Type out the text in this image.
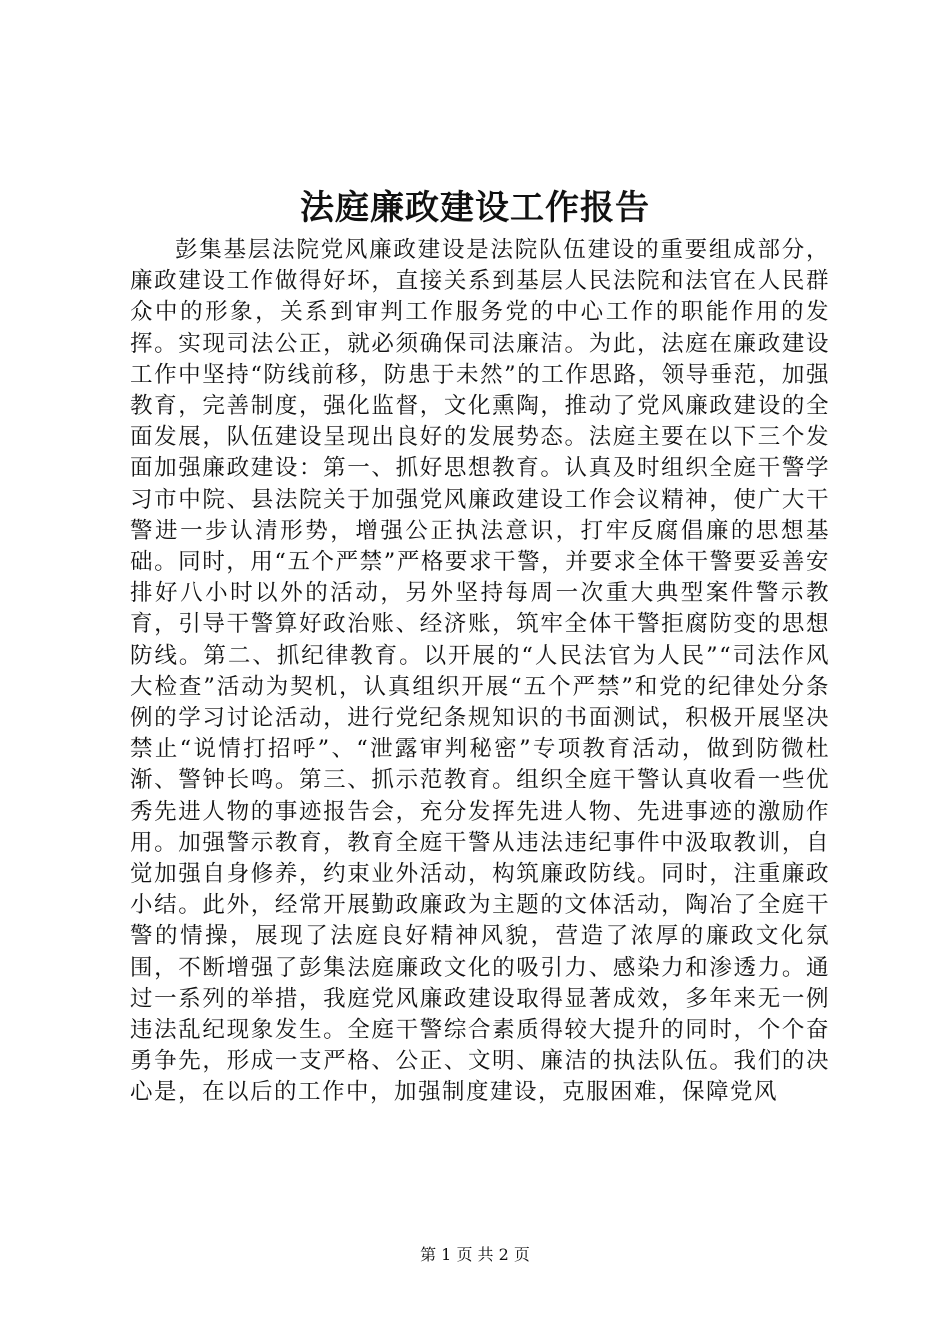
法庭廉政建设工作报告

彭集基层法院党风廉政建设是法院队伍建设的重要组成部分，廉政建设工作做得好坏，直接关系到基层人民法院和法官在人民群众中的形象，关系到审判工作服务党的中心工作的职能作用的发挥。实现司法公正，就必须确保司法廉洁。为此，法庭在廉政建设工作中坚持“防线前移，防患于未然”的工作思路，领导垂范，加强教育，完善制度，强化监督，文化熏陶，推动了党风廉政建设的全面发展，队伍建设呈现出良好的发展势态。法庭主要在以下三个发面加强廉政建设：第一、抓好思想教育。认真及时组织全庭干警学习市中院、县法院关于加强党风廉政建设工作会议精神，使广大干警进一步认清形势，增强公正执法意识，打牢反腐倡廉的思想基础。同时，用“五个严禁”严格要求干警，并要求全体干警要妥善安排好八小时以外的活动，另外坚持每周一次重大典型案件警示教育，引导干警算好政治账、经济账，筑牢全体干警拒腐防变的思想防线。第二、抓纪律教育。以开展的“人民法官为人民”“司法作风大检查”活动为契机，认真组织开展“五个严禁”和党的纪律处分条例的学习讨论活动，进行党纪条规知识的书面测试，积极开展坚决禁止“说情打招呼”、“泄露审判秘密”专项教育活动，做到防微杜渐、警钟长鸣。第三、抓示范教育。组织全庭干警认真收看一些优秀先进人物的事迹报告会，充分发挥先进人物、先进事迹的激励作用。加强警示教育，教育全庭干警从违法违纪事件中汲取教训，自觉加强自身修养，约束业外活动，构筑廉政防线。同时，注重廉政小结。此外，经常开展勤政廉政为主题的文体活动，陶冶了全庭干警的情操，展现了法庭良好精神风貌，营造了浓厚的廉政文化氛围，不断增强了彭集法庭廉政文化的吸引力、感染力和渗透力。通过一系列的举措，我庭党风廉政建设取得显著成效，多年来无一例违法乱纪现象发生。全庭干警综合素质得较大提升的同时，个个奋勇争先，形成一支严格、公正、文明、廉洁的执法队伍。我们的决心是，在以后的工作中，加强制度建设，克服困难，保障党风

第 1 页 共 2 页
